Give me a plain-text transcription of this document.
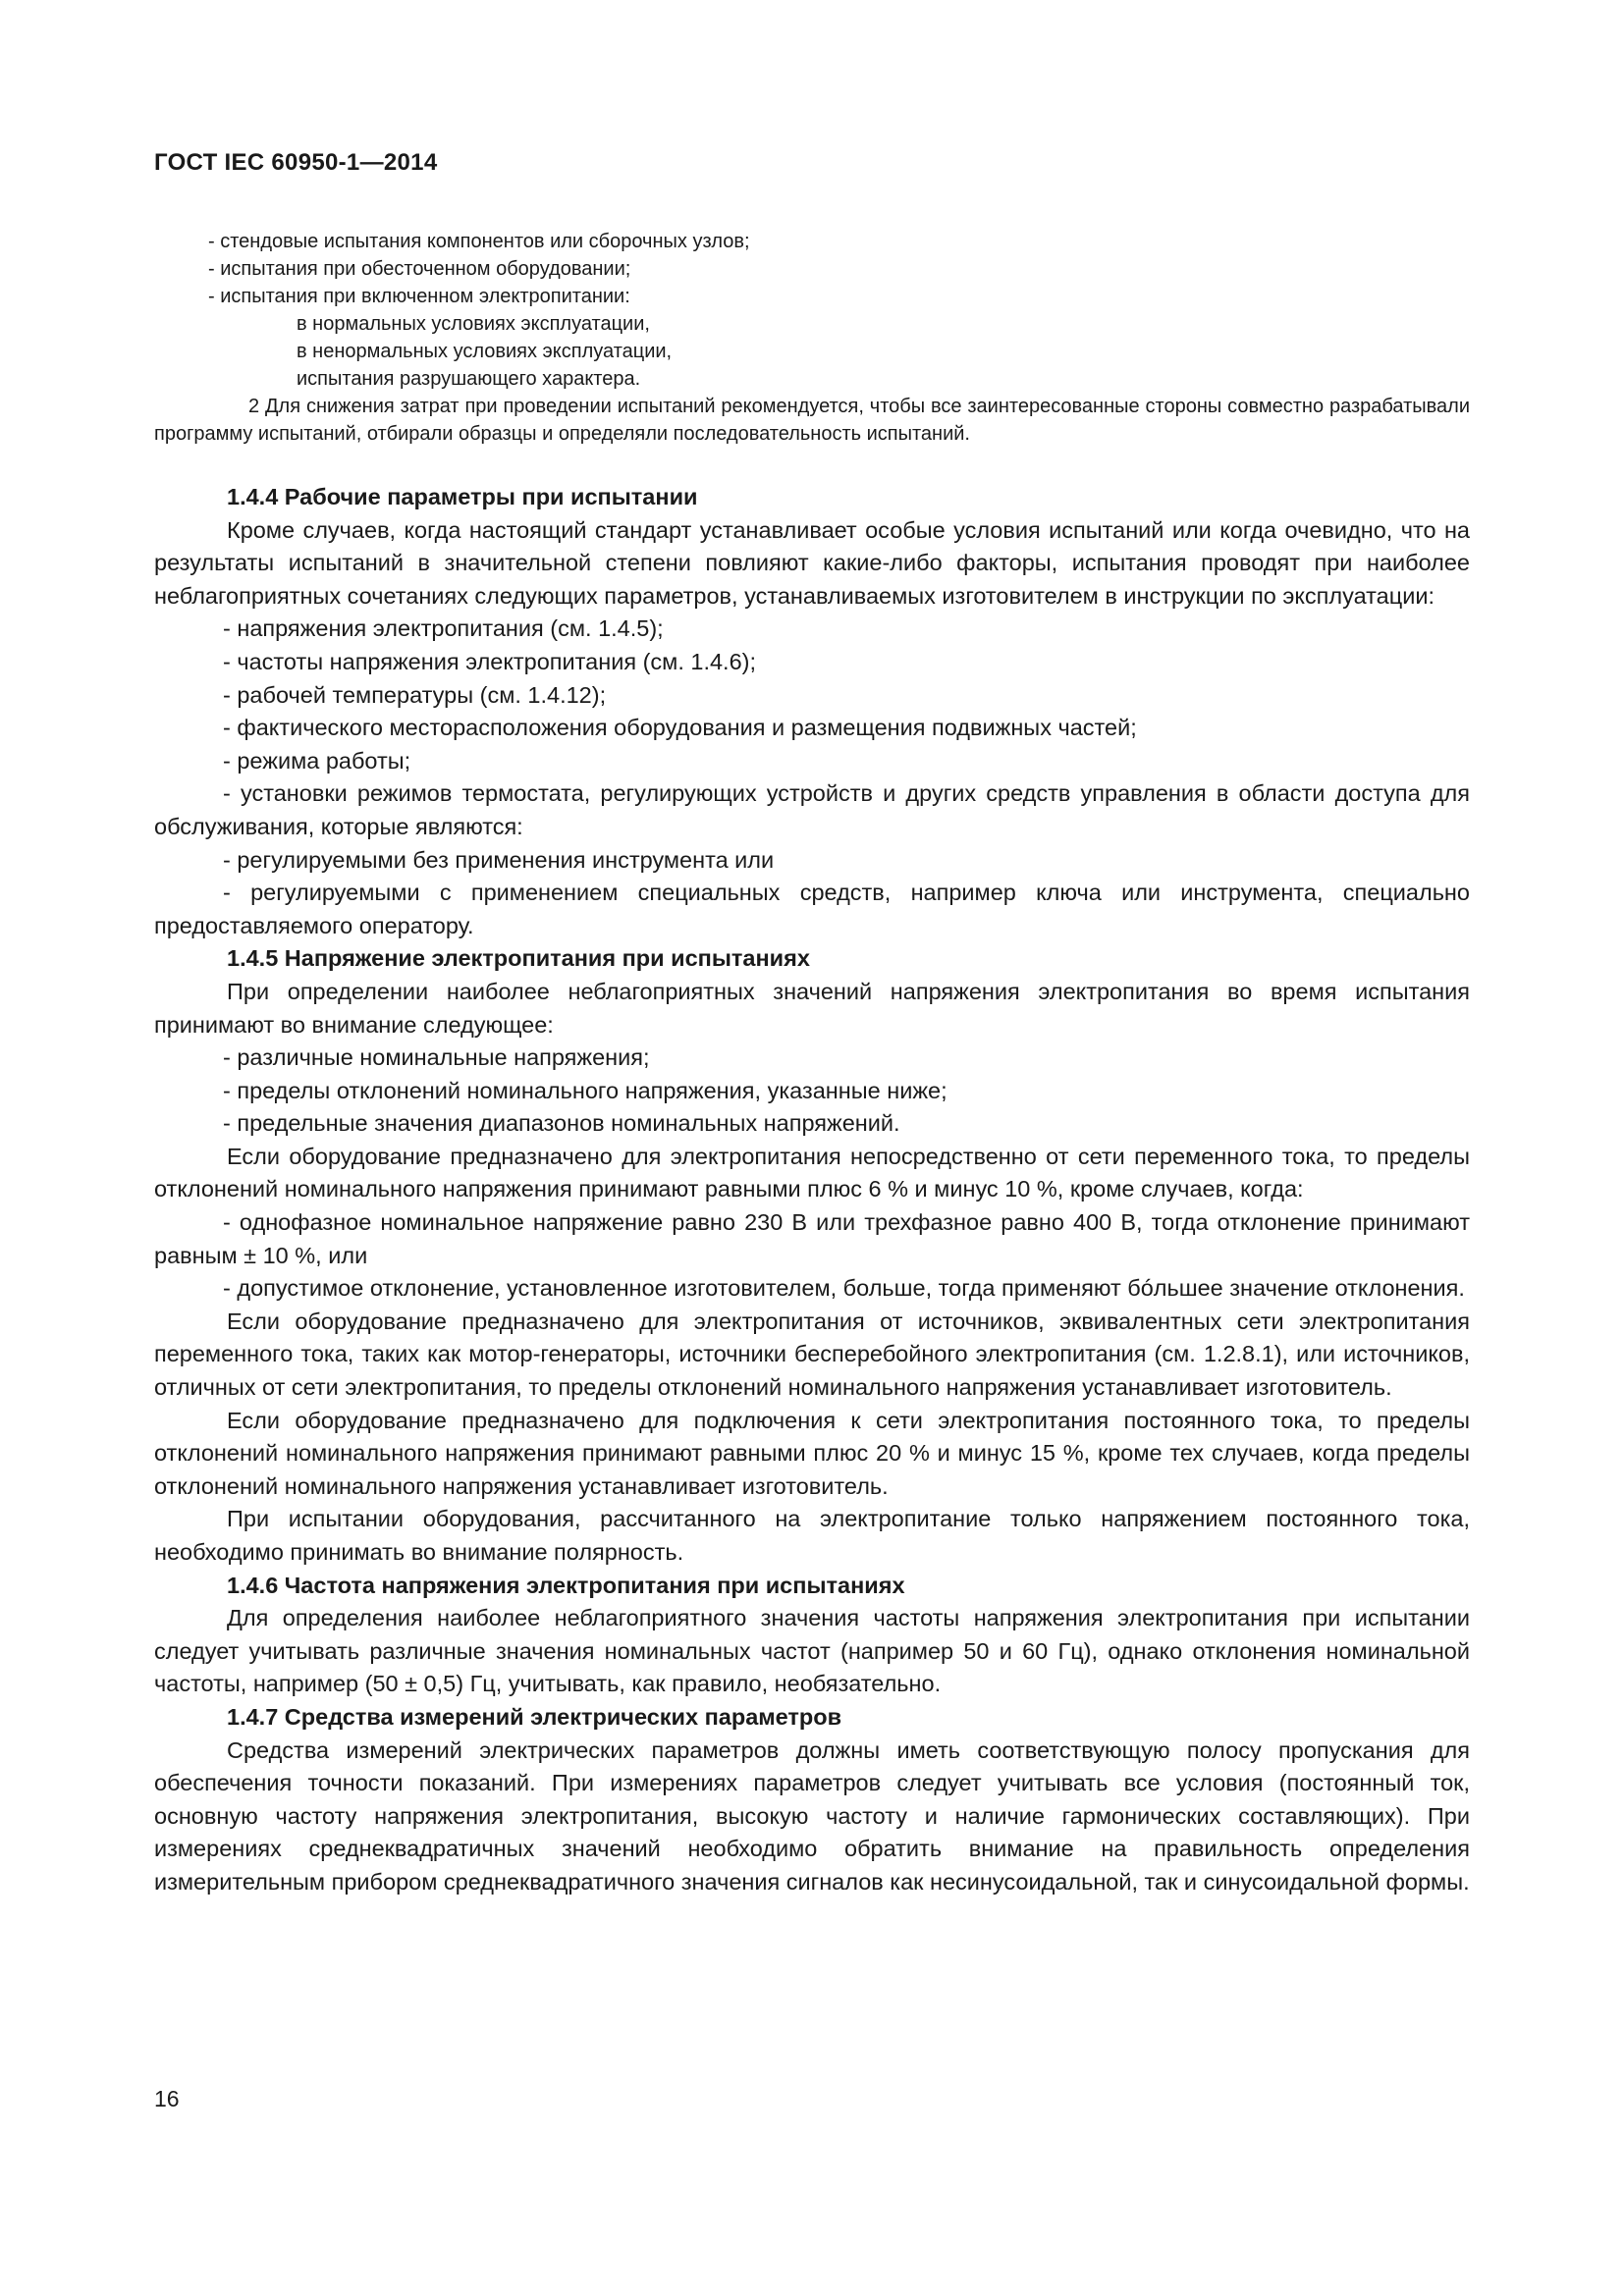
ГОСТ IEC 60950-1—2014
- стендовые испытания компонентов или сборочных узлов;
- испытания при обесточенном оборудовании;
- испытания при включенном электропитании:
в нормальных условиях эксплуатации,
в ненормальных условиях эксплуатации,
испытания разрушающего характера.
2 Для снижения затрат при проведении испытаний рекомендуется, чтобы все заинтересованные стороны совместно разрабатывали программу испытаний, отбирали образцы и определяли последовательность испытаний.
1.4.4 Рабочие параметры при испытании

Кроме случаев, когда настоящий стандарт устанавливает особые условия испытаний или когда очевидно, что на результаты испытаний в значительной степени повлияют какие-либо факторы, испытания проводят при наиболее неблагоприятных сочетаниях следующих параметров, устанавливаемых изготовителем в инструкции по эксплуатации:

- напряжения электропитания (см. 1.4.5);

- частоты напряжения электропитания (см. 1.4.6);

- рабочей температуры (см. 1.4.12);

- фактического месторасположения оборудования и размещения подвижных частей;

- режима работы;

- установки режимов термостата, регулирующих устройств и других средств управления в области доступа для обслуживания, которые являются:

- регулируемыми без применения инструмента или

- регулируемыми с применением специальных средств, например ключа или инструмента, специально предоставляемого оператору.

1.4.5 Напряжение электропитания при испытаниях

При определении наиболее неблагоприятных значений напряжения электропитания во время испытания принимают во внимание следующее:

- различные номинальные напряжения;

- пределы отклонений номинального напряжения, указанные ниже;

- предельные значения диапазонов номинальных напряжений.

Если оборудование предназначено для электропитания непосредственно от сети переменного тока, то пределы отклонений номинального напряжения принимают равными плюс 6 % и минус 10 %, кроме случаев, когда:

- однофазное номинальное напряжение равно 230 В или трехфазное равно 400 В, тогда отклонение принимают равным ± 10 %, или

- допустимое отклонение, установленное изготовителем, больше, тогда применяют бóльшее значение отклонения.

Если оборудование предназначено для электропитания от источников, эквивалентных сети электропитания переменного тока, таких как мотор-генераторы, источники бесперебойного электропитания (см. 1.2.8.1), или источников, отличных от сети электропитания, то пределы отклонений номинального напряжения устанавливает изготовитель.

Если оборудование предназначено для подключения к сети электропитания постоянного тока, то пределы отклонений номинального напряжения принимают равными плюс 20 % и минус 15 %, кроме тех случаев, когда пределы отклонений номинального напряжения устанавливает изготовитель.

При испытании оборудования, рассчитанного на электропитание только напряжением постоянного тока, необходимо принимать во внимание полярность.

1.4.6 Частота напряжения электропитания при испытаниях

Для определения наиболее неблагоприятного значения частоты напряжения электропитания при испытании следует учитывать различные значения номинальных частот (например 50 и 60 Гц), однако отклонения номинальной частоты, например (50 ± 0,5) Гц, учитывать, как правило, необязательно.

1.4.7 Средства измерений электрических параметров

Средства измерений электрических параметров должны иметь соответствующую полосу пропускания для обеспечения точности показаний. При измерениях параметров следует учитывать все условия (постоянный ток, основную частоту напряжения электропитания, высокую частоту и наличие гармонических составляющих). При измерениях среднеквадратичных значений необходимо обратить внимание на правильность определения измерительным прибором среднеквадратичного значения сигналов как несинусоидальной, так и синусоидальной формы.

16
